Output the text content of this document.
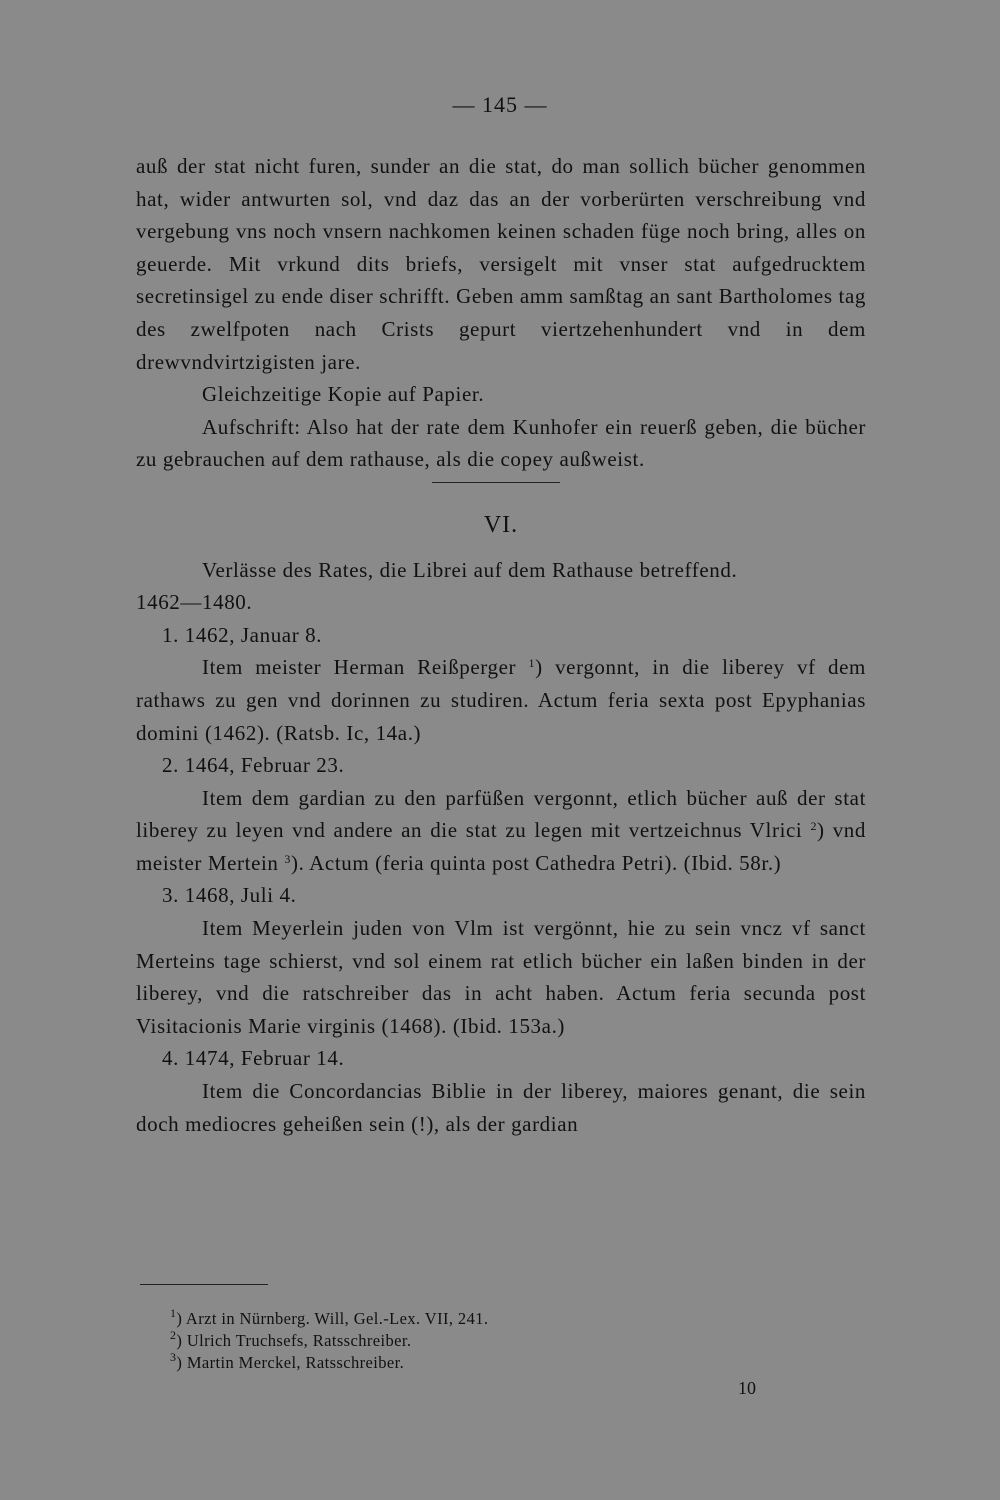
— 145 —

auß der stat nicht furen, sunder an die stat, do man sollich bücher genommen hat, wider antwurten sol, vnd daz das an der vorberürten verschreibung vnd vergebung vns noch vnsern nachkomen keinen schaden füge noch bring, alles on geuerde. Mit vrkund dits briefs, versigelt mit vnser stat aufgedrucktem secretinsigel zu ende diser schrifft. Geben amm samßtag an sant Bartholomes tag des zwelfpoten nach Crists gepurt viertzehenhundert vnd in dem drewvndvirtzigisten jare.

Gleichzeitige Kopie auf Papier.

Aufschrift: Also hat der rate dem Kunhofer ein reuerß geben, die bücher zu gebrauchen auf dem rathause, als die copey außweist.

VI.

Verlässe des Rates, die Librei auf dem Rathause betreffend.

1462—1480.

1. 1462, Januar 8.

Item meister Herman Reißperger $^1$) vergonnt, in die liberey vf dem rathaws zu gen vnd dorinnen zu studiren. Actum feria sexta post Epyphanias domini (1462). (Ratsb. Ic, 14a.)

2. 1464, Februar 23.

Item dem gardian zu den parfüßen vergonnt, etlich bücher auß der stat liberey zu leyen vnd andere an die stat zu legen mit vertzeichnus Vlrici $^2$) vnd meister Mertein $^3$). Actum (feria quinta post Cathedra Petri). (Ibid. 58r.)

3. 1468, Juli 4.

Item Meyerlein juden von Vlm ist vergönnt, hie zu sein vncz vf sanct Merteins tage schierst, vnd sol einem rat etlich bücher ein laßen binden in der liberey, vnd die ratschreiber das in acht haben. Actum feria secunda post Visitacionis Marie virginis (1468). (Ibid. 153a.)

4. 1474, Februar 14.

Item die Concordancias Biblie in der liberey, maiores genant, die sein doch mediocres geheißen sein (!), als der gardian

$^1$) Arzt in Nürnberg. Will, Gel.-Lex. VII, 241.

$^2$) Ulrich Truchsefs, Ratsschreiber.

$^3$) Martin Merckel, Ratsschreiber.

10
